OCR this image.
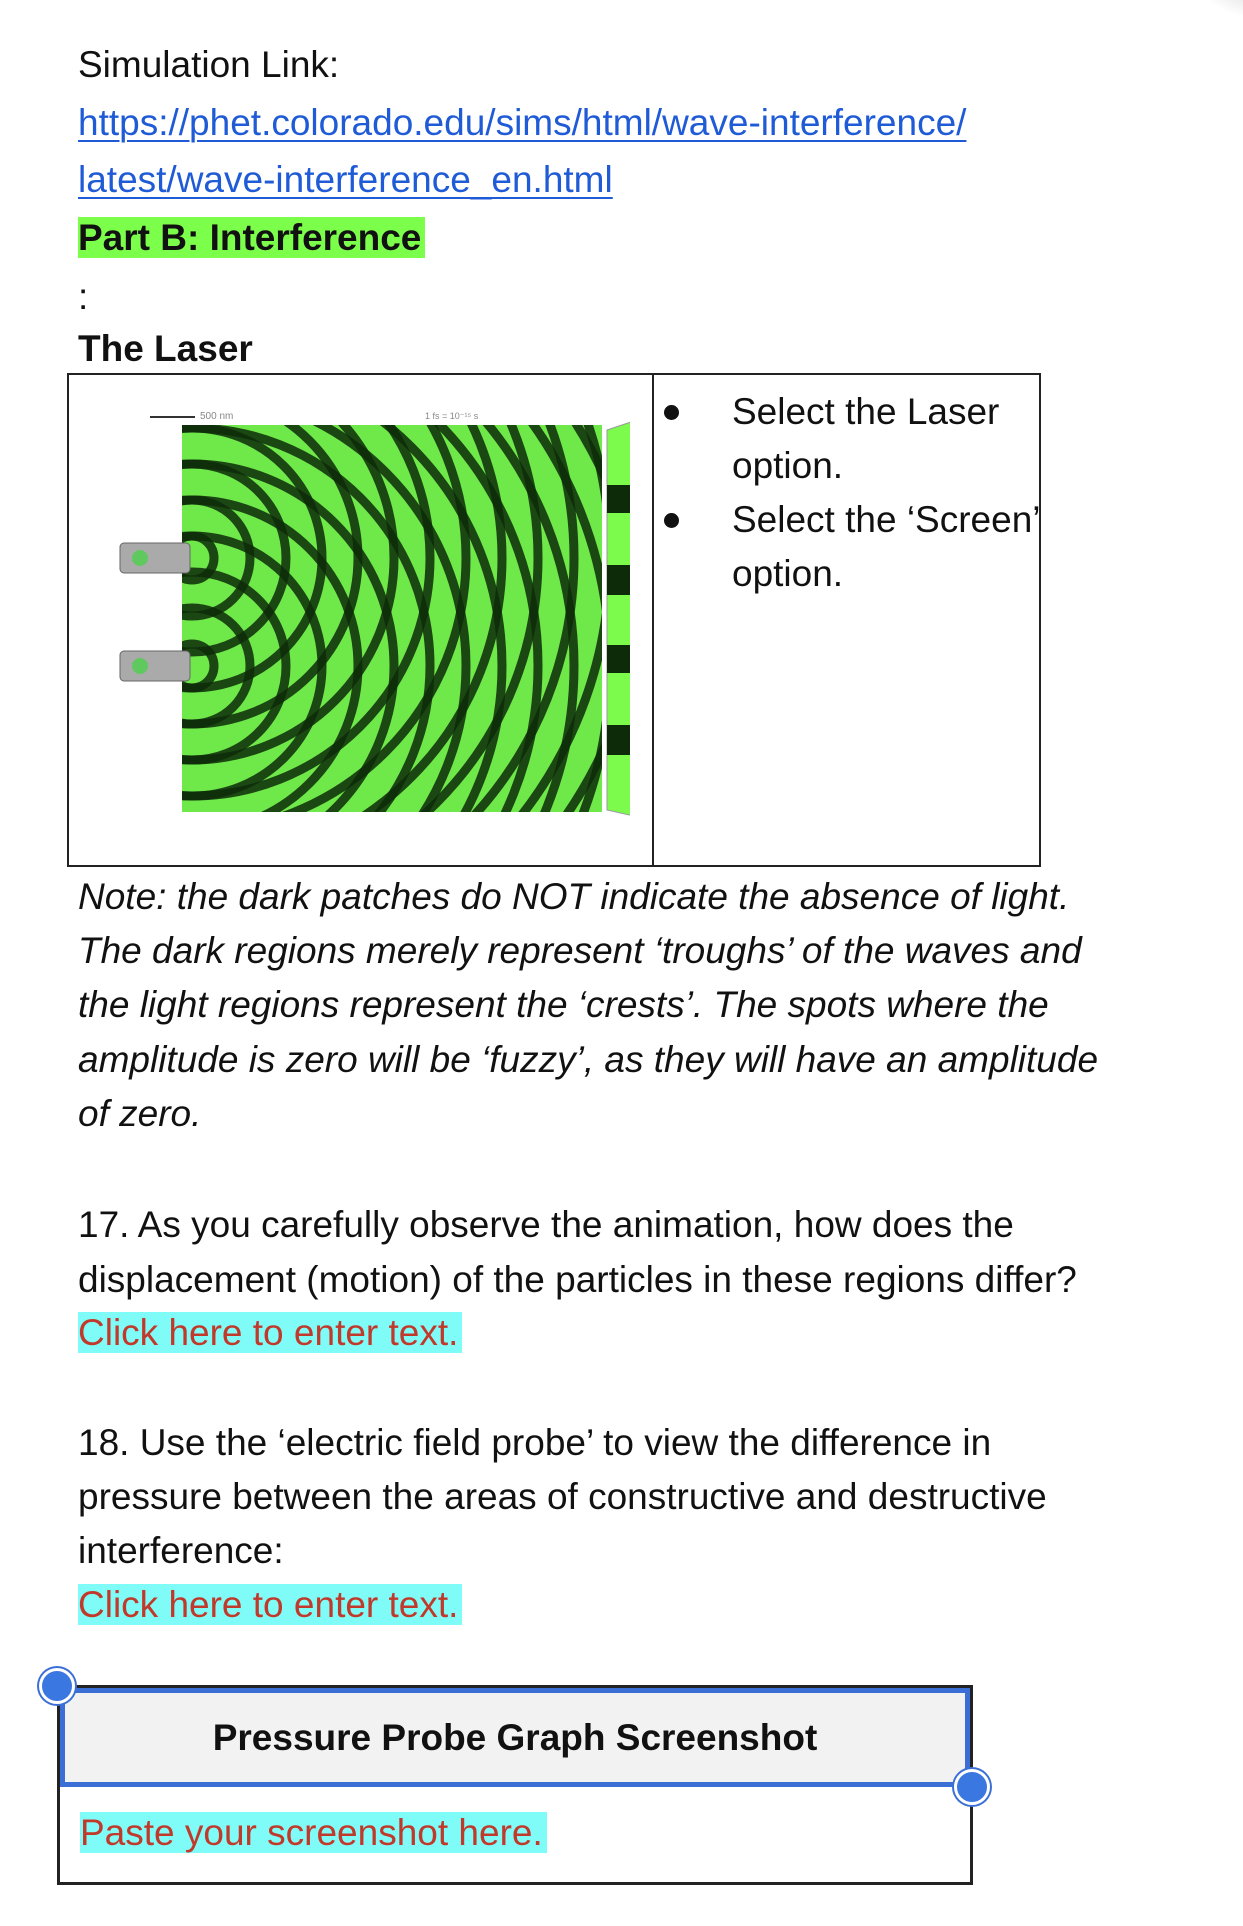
Simulation Link:
https://phet.colorado.edu/sims/html/wave-interference/
latest/wave-interference_en.html
Part B: Interference
:
The Laser
Select the Laser option.
Select the ‘Screen’ option.
500 nm	1 fs = 10⁻¹⁵ s
Note: the dark patches do NOT indicate the absence of light.
The dark regions merely represent ‘troughs’ of the waves and
the light regions represent the ‘crests’. The spots where the
amplitude is zero will be ‘fuzzy’, as they will have an amplitude
of zero.
17. As you carefully observe the animation, how does the
displacement (motion) of the particles in these regions differ?
Click here to enter text.
18. Use the ‘electric field probe’ to view the difference in
pressure between the areas of constructive and destructive
interference:
Click here to enter text.
Pressure Probe Graph Screenshot
Paste your screenshot here.
